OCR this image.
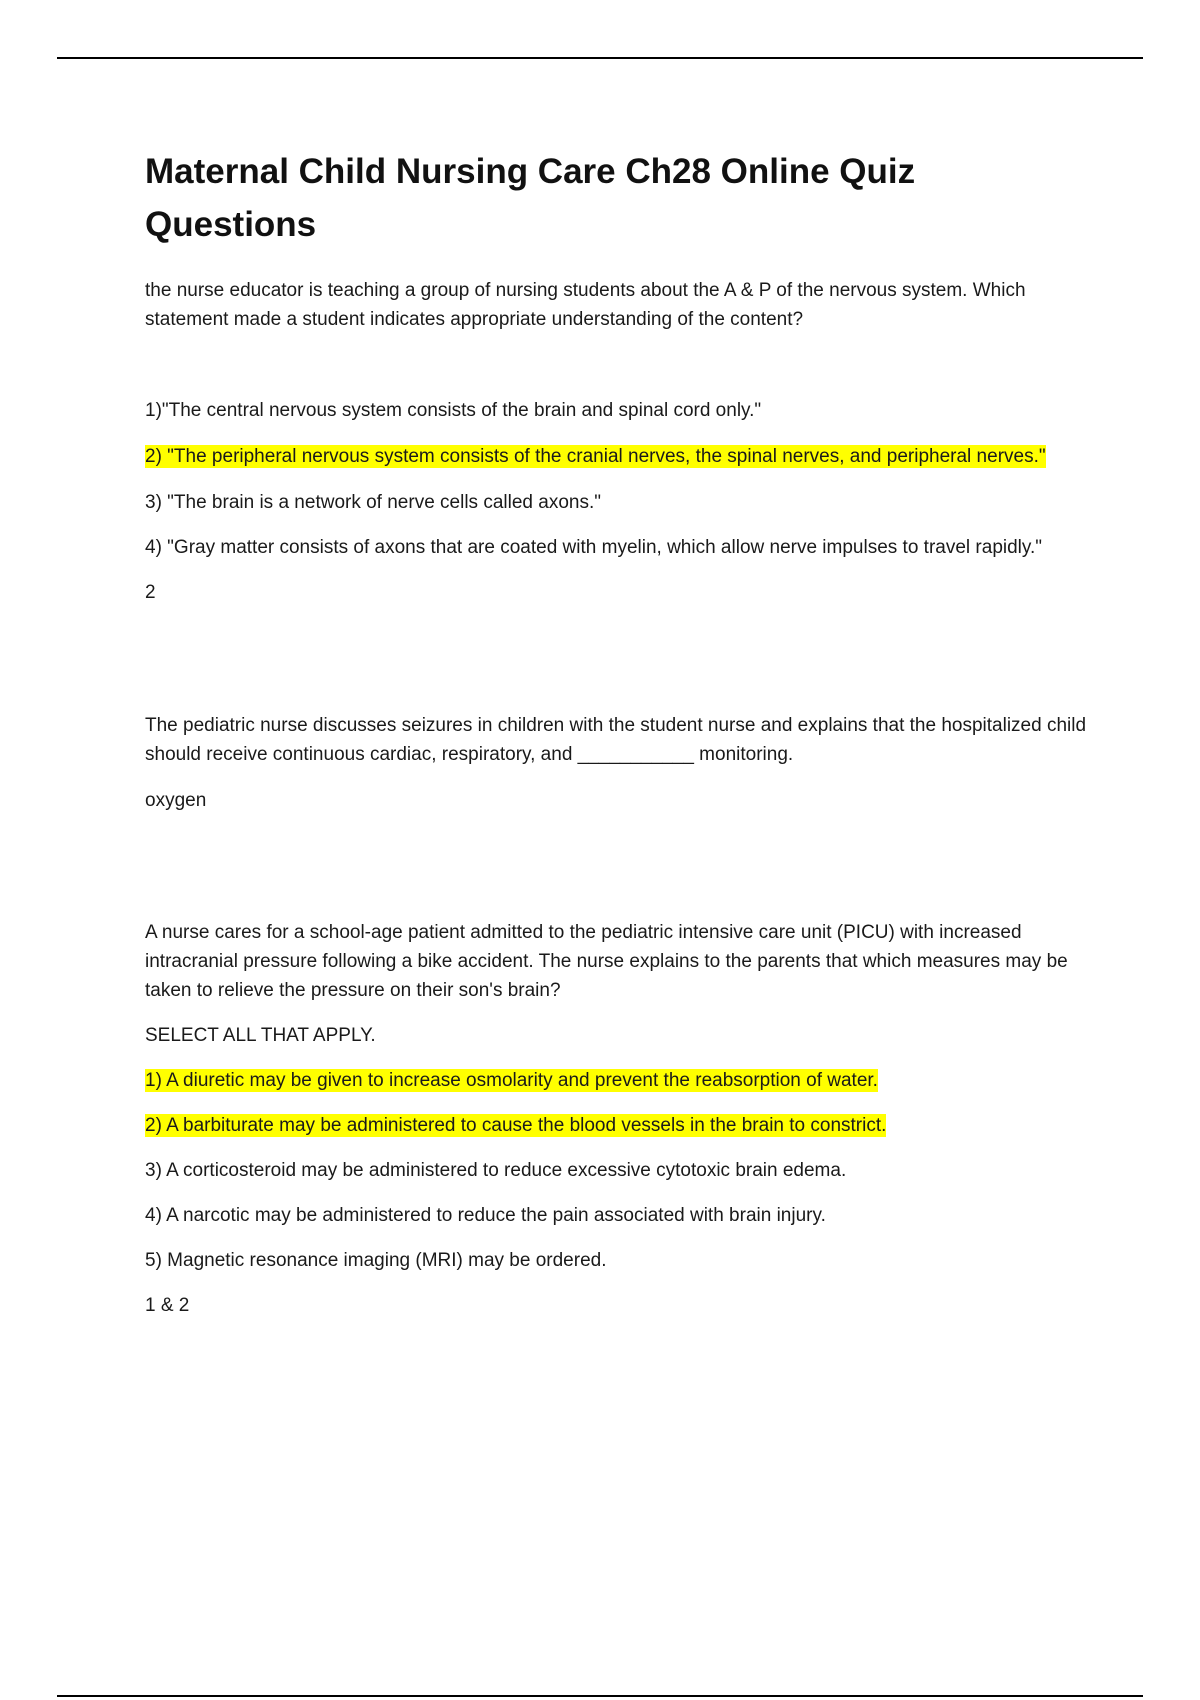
Maternal Child Nursing Care Ch28 Online Quiz Questions

the nurse educator is teaching a group of nursing students about the A & P of the nervous system. Which statement made a student indicates appropriate understanding of the content?

1)"The central nervous system consists of the brain and spinal cord only."

2) "The peripheral nervous system consists of the cranial nerves, the spinal nerves, and peripheral nerves."

3) "The brain is a network of nerve cells called axons."

4) "Gray matter consists of axons that are coated with myelin, which allow nerve impulses to travel rapidly."

2

The pediatric nurse discusses seizures in children with the student nurse and explains that the hospitalized child should receive continuous cardiac, respiratory, and ___________ monitoring.

oxygen

A nurse cares for a school-age patient admitted to the pediatric intensive care unit (PICU) with increased intracranial pressure following a bike accident. The nurse explains to the parents that which measures may be taken to relieve the pressure on their son's brain?

SELECT ALL THAT APPLY.

1) A diuretic may be given to increase osmolarity and prevent the reabsorption of water.

2) A barbiturate may be administered to cause the blood vessels in the brain to constrict.

3) A corticosteroid may be administered to reduce excessive cytotoxic brain edema.

4) A narcotic may be administered to reduce the pain associated with brain injury.

5) Magnetic resonance imaging (MRI) may be ordered.

1 & 2
